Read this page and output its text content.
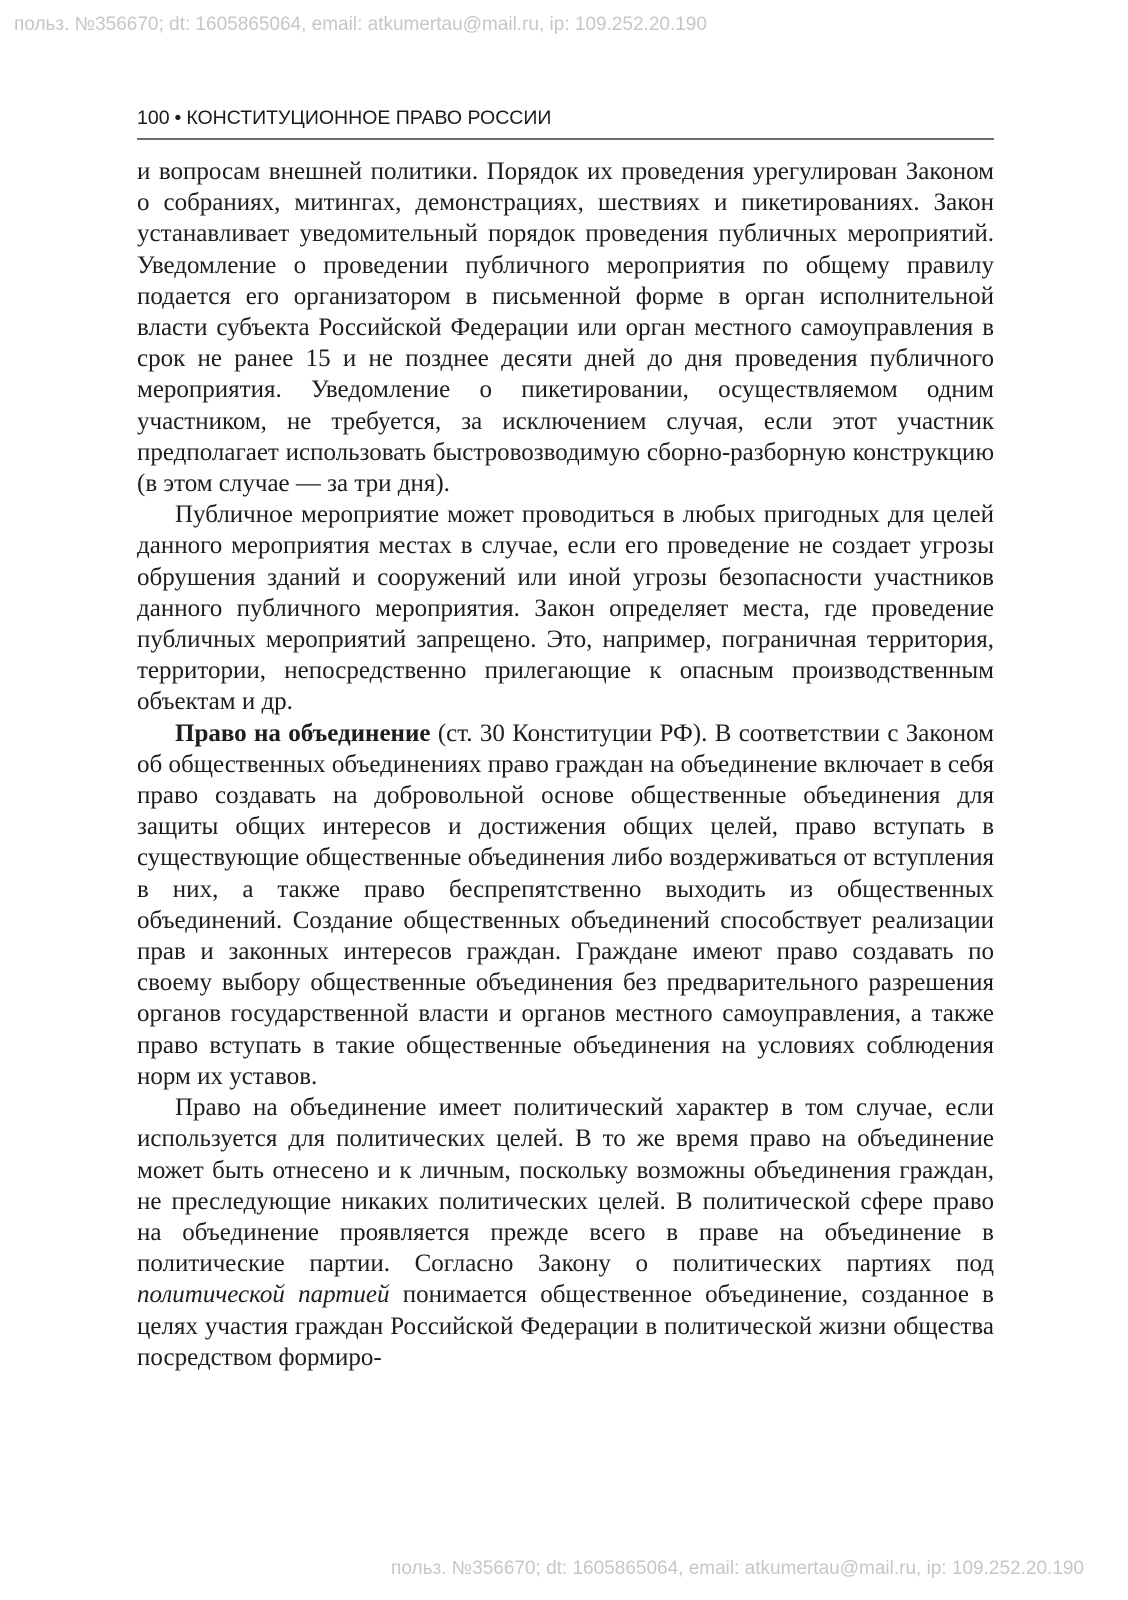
польз. №356670; dt: 1605865064, email: atkumertau@mail.ru, ip: 109.252.20.190
100 • КОНСТИТУЦИОННОЕ ПРАВО РОССИИ

и вопросам внешней политики. Порядок их проведения урегулирован Законом о собраниях, митингах, демонстрациях, шествиях и пикетированиях. Закон устанавливает уведомительный порядок проведения публичных мероприятий. Уведомление о проведении публичного мероприятия по общему правилу подается его организатором в письменной форме в орган исполнительной власти субъекта Российской Федерации или орган местного самоуправления в срок не ранее 15 и не позднее десяти дней до дня проведения публичного мероприятия. Уведомление о пикетировании, осуществляемом одним участником, не требуется, за исключением случая, если этот участник предполагает использовать быстровозводимую сборно-разборную конструкцию (в этом случае — за три дня).

Публичное мероприятие может проводиться в любых пригодных для целей данного мероприятия местах в случае, если его проведение не создает угрозы обрушения зданий и сооружений или иной угрозы безопасности участников данного публичного мероприятия. Закон определяет места, где проведение публичных мероприятий запрещено. Это, например, пограничная территория, территории, непосредственно прилегающие к опасным производственным объектам и др.

Право на объединение (ст. 30 Конституции РФ). В соответствии с Законом об общественных объединениях право граждан на объединение включает в себя право создавать на добровольной основе общественные объединения для защиты общих интересов и достижения общих целей, право вступать в существующие общественные объединения либо воздерживаться от вступления в них, а также право беспрепятственно выходить из общественных объединений. Создание общественных объединений способствует реализации прав и законных интересов граждан. Граждане имеют право создавать по своему выбору общественные объединения без предварительного разрешения органов государственной власти и органов местного самоуправления, а также право вступать в такие общественные объединения на условиях соблюдения норм их уставов.

Право на объединение имеет политический характер в том случае, если используется для политических целей. В то же время право на объединение может быть отнесено и к личным, поскольку возможны объединения граждан, не преследующие никаких политических целей. В политической сфере право на объединение проявляется прежде всего в праве на объединение в политические партии. Согласно Закону о политических партиях под политической партией понимается общественное объединение, созданное в целях участия граждан Российской Федерации в политической жизни общества посредством формиро-

польз. №356670; dt: 1605865064, email: atkumertau@mail.ru, ip: 109.252.20.190
